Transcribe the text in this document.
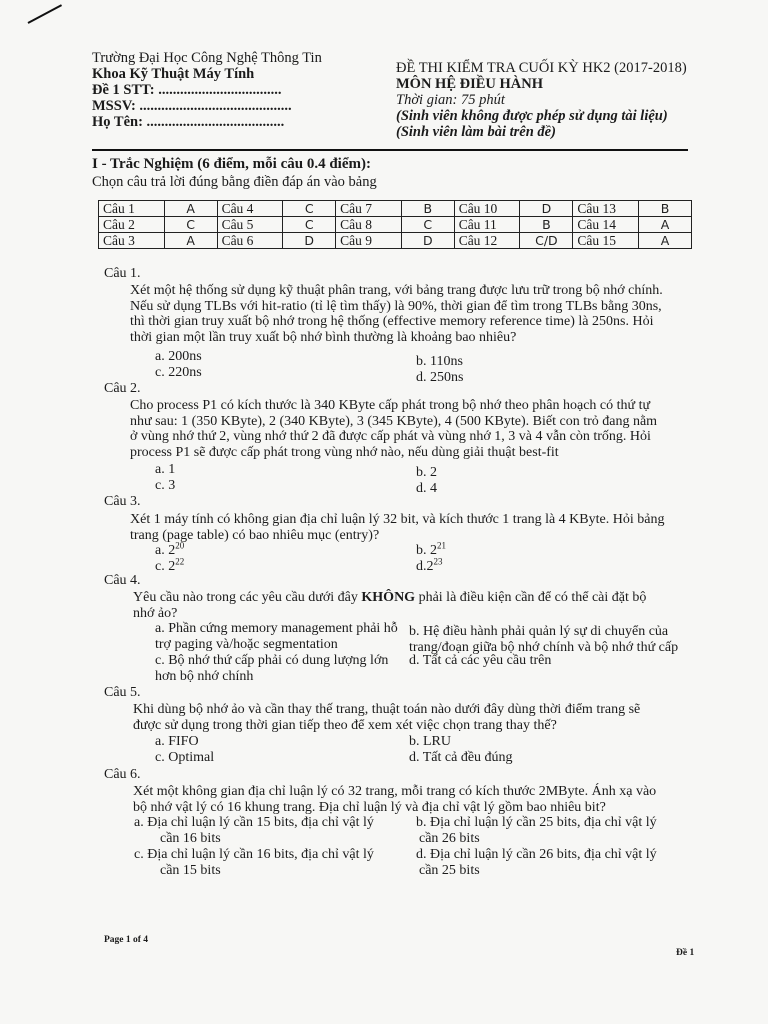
Trường Đại Học Công Nghệ Thông Tin
Khoa Kỹ Thuật Máy Tính
Đề 1 STT: ..................................
MSSV: ..........................................
Họ Tên: ......................................
ĐỀ THI KIỂM TRA CUỐI KỲ HK2 (2017-2018)
MÔN HỆ ĐIỀU HÀNH
Thời gian: 75 phút
(Sinh viên không được phép sử dụng tài liệu)
(Sinh viên làm bài trên đề)
I - Trắc Nghiệm (6 điểm, mỗi câu 0.4 điểm):
Chọn câu trả lời đúng bằng điền đáp án vào bảng
Câu 1	A	Câu 4	C	Câu 7	B	Câu 10	D	Câu 13	B
Câu 2	C	Câu 5	C	Câu 8	C	Câu 11	B	Câu 14	A
Câu 3	A	Câu 6	D	Câu 9	D	Câu 12	C/D	Câu 15	A
Câu 1.
Xét một hệ thống sử dụng kỹ thuật phân trang, với bảng trang được lưu trữ trong bộ nhớ chính.
Nếu sử dụng TLBs với hit-ratio (tỉ lệ tìm thấy) là 90%, thời gian để tìm trong TLBs bằng 30ns,
thì thời gian truy xuất bộ nhớ trong hệ thống (effective memory reference time) là 250ns. Hỏi
thời gian một lần truy xuất bộ nhớ bình thường là khoảng bao nhiêu?
a. 200ns	b. 110ns
c. 220ns	d. 250ns
Câu 2.
Cho process P1 có kích thước là 340 KByte cấp phát trong bộ nhớ theo phân hoạch có thứ tự
như sau: 1 (350 KByte), 2 (340 KByte), 3 (345 KByte), 4 (500 KByte). Biết con trỏ đang nằm
ở vùng nhớ thứ 2, vùng nhớ thứ 2 đã được cấp phát và vùng nhớ 1, 3 và 4 vẫn còn trống. Hỏi
process P1 sẽ được cấp phát trong vùng nhớ nào, nếu dùng giải thuật best-fit
a. 1	b. 2
c. 3	d. 4
Câu 3.
Xét 1 máy tính có không gian địa chỉ luận lý 32 bit, và kích thước 1 trang là 4 KByte. Hỏi bảng
trang (page table) có bao nhiêu mục (entry)?
a. $2^{20}$	b. $2^{21}$
c. $2^{22}$	$d.2^{23}$
Câu 4.
Yêu cầu nào trong các yêu cầu dưới đây KHÔNG phải là điều kiện cần để có thể cài đặt bộ
nhớ ảo?
a. Phần cứng memory management phải hỗ
trợ paging và/hoặc segmentation
b. Hệ điều hành phải quản lý sự di chuyển của
trang/đoạn giữa bộ nhớ chính và bộ nhớ thứ cấp
c. Bộ nhớ thứ cấp phải có dung lượng lớn
hơn bộ nhớ chính
d. Tất cả các yêu cầu trên
Câu 5.
Khi dùng bộ nhớ ảo và cần thay thế trang, thuật toán nào dưới đây dùng thời điểm trang sẽ
được sử dụng trong thời gian tiếp theo để xem xét việc chọn trang thay thế?
a. FIFO	b. LRU
c. Optimal	d. Tất cả đều đúng
Câu 6.
Xét một không gian địa chỉ luận lý có 32 trang, mỗi trang có kích thước 2MByte. Ánh xạ vào
bộ nhớ vật lý có 16 khung trang. Địa chỉ luận lý và địa chỉ vật lý gồm bao nhiêu bit?
a. Địa chỉ luận lý cần 15 bits, địa chỉ vật lý
cần 16 bits
b. Địa chỉ luận lý cần 25 bits, địa chỉ vật lý
cần 26 bits
c. Địa chỉ luận lý cần 16 bits, địa chỉ vật lý
cần 15 bits
d. Địa chỉ luận lý cần 26 bits, địa chỉ vật lý
cần 25 bits
Page 1 of 4
Đề 1
